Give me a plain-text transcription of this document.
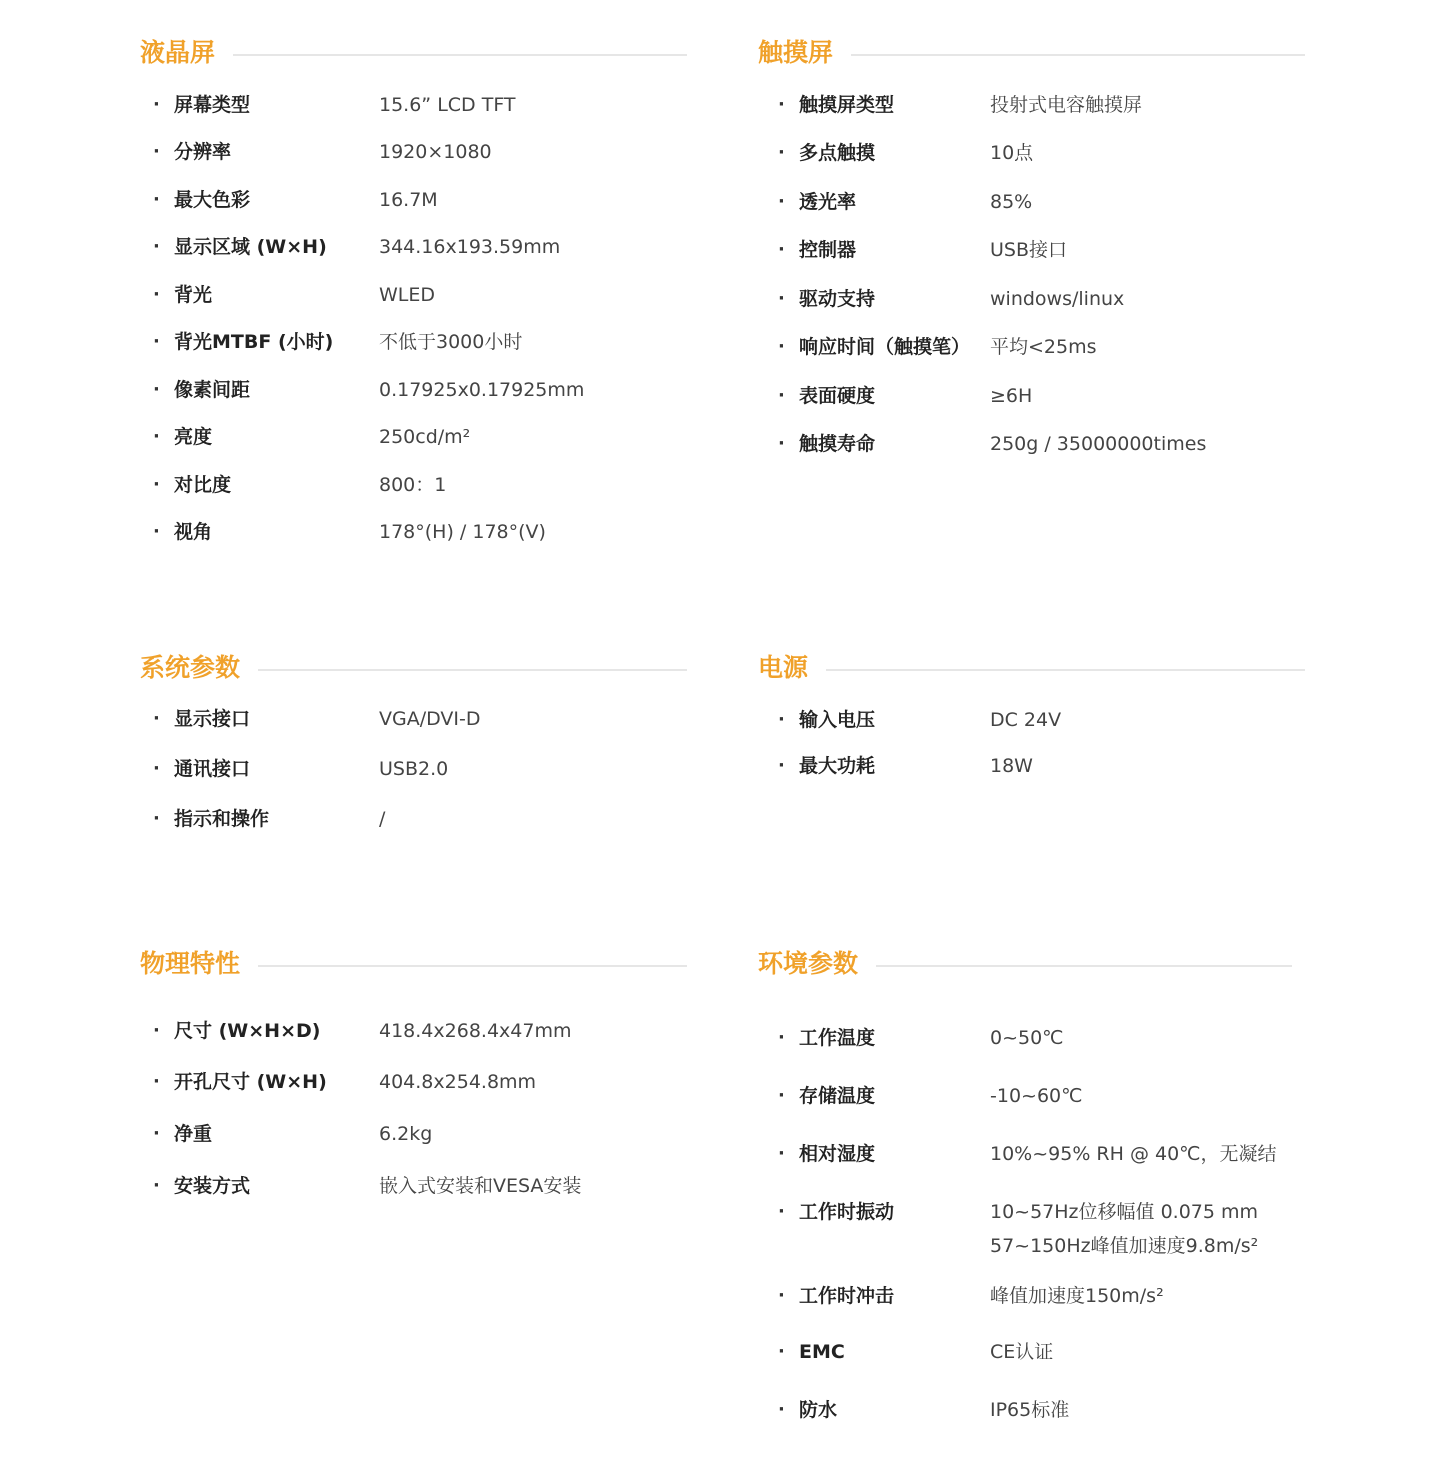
液晶屏
· 屏幕类型	15.6” LCD TFT
· 分辨率	1920×1080
· 最大色彩	16.7M
· 显示区域 (W×H)	344.16x193.59mm
· 背光	WLED
· 背光MTBF (小时) 不低于3000小时
· 像素间距	0.17925x0.17925mm
· 亮度	250cd/m²
· 对比度	800：1
· 视角	178°(H) / 178°(V)
触摸屏
· 触摸屏类型	投射式电容触摸屏
· 多点触摸	10点
· 透光率	85%
· 控制器	USB接口
· 驱动支持	windows/linux
· 响应时间（触摸笔） 平均<25ms
· 表面硬度	≥6H
· 触摸寿命	250g / 35000000times
系统参数
· 显示接口	VGA/DVI-D
· 通讯接口	USB2.0
· 指示和操作	/
电源
· 输入电压	DC 24V
· 最大功耗	18W
物理特性
· 尺寸 (W×H×D)	418.4x268.4x47mm
· 开孔尺寸 (W×H)	404.8x254.8mm
· 净重	6.2kg
· 安装方式	嵌入式安装和VESA安装
环境参数
· 工作温度	0~50℃
· 存储温度	-10~60℃
· 相对湿度	10%~95% RH @ 40℃，无凝结
· 工作时振动	10~57Hz位移幅值 0.075 mm
57~150Hz峰值加速度9.8m/s²
· 工作时冲击	峰值加速度150m/s²
· EMC	CE认证
· 防水	IP65标准
